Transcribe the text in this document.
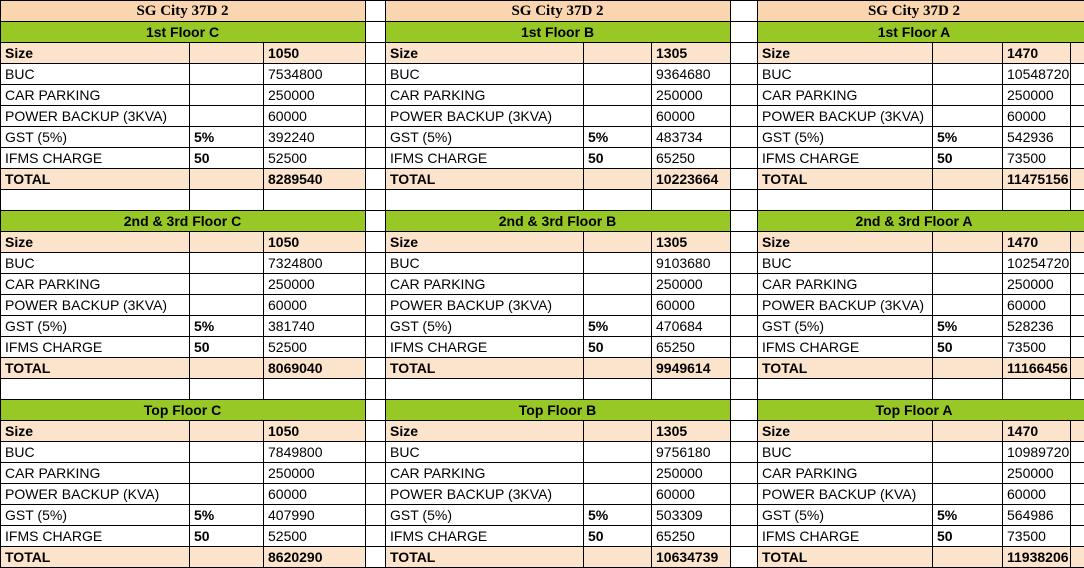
SG City 37D 2
1st Floor C
Size	1050
BUC	7534800
CAR PARKING	250000
POWER BACKUP (3KVA)	60000
GST (5%)	5%	392240
IFMS CHARGE	50	52500
TOTAL	8289540
2nd & 3rd Floor C
Size	1050
BUC	7324800
CAR PARKING	250000
POWER BACKUP (3KVA)	60000
GST (5%)	5%	381740
IFMS CHARGE	50	52500
TOTAL	8069040
Top Floor C
Size	1050
BUC	7849800
CAR PARKING	250000
POWER BACKUP (KVA)	60000
GST (5%)	5%	407990
IFMS CHARGE	50	52500
TOTAL	8620290
SG City 37D 2
1st Floor B
Size	1305
BUC	9364680
CAR PARKING	250000
POWER BACKUP (3KVA)	60000
GST (5%)	5%	483734
IFMS CHARGE	50	65250
TOTAL	10223664
2nd & 3rd Floor B
Size	1305
BUC	9103680
CAR PARKING	250000
POWER BACKUP (3KVA)	60000
GST (5%)	5%	470684
IFMS CHARGE	50	65250
TOTAL	9949614
Top Floor B
Size	1305
BUC	9756180
CAR PARKING	250000
POWER BACKUP (3KVA)	60000
GST (5%)	5%	503309
IFMS CHARGE	50	65250
TOTAL	10634739
SG City 37D 2
1st Floor A
Size	1470
BUC	10548720
CAR PARKING	250000
POWER BACKUP (3KVA)	60000
GST (5%)	5%	542936
IFMS CHARGE	50	73500
TOTAL	11475156
2nd & 3rd Floor A
Size	1470
BUC	10254720
CAR PARKING	250000
POWER BACKUP (3KVA)	60000
GST (5%)	5%	528236
IFMS CHARGE	50	73500
TOTAL	11166456
Top Floor A
Size	1470
BUC	10989720
CAR PARKING	250000
POWER BACKUP (KVA)	60000
GST (5%)	5%	564986
IFMS CHARGE	50	73500
TOTAL	11938206
